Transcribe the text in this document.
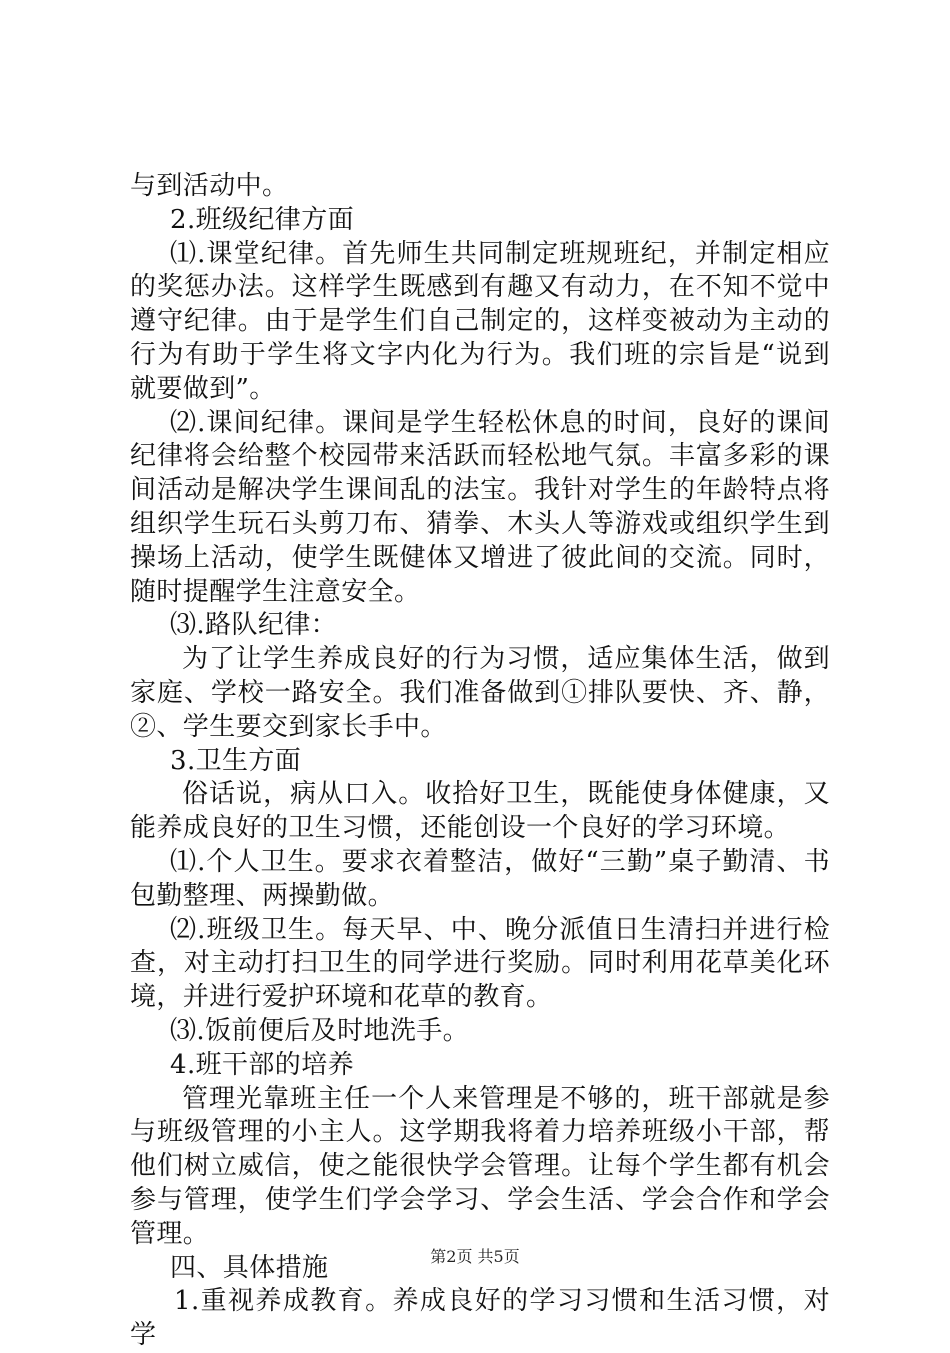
与到活动中。

2.班级纪律方面

⑴.课堂纪律。首先师生共同制定班规班纪，并制定相应的奖惩办法。这样学生既感到有趣又有动力，在不知不觉中遵守纪律。由于是学生们自己制定的，这样变被动为主动的行为有助于学生将文字内化为行为。我们班的宗旨是“说到就要做到”。

⑵.课间纪律。课间是学生轻松休息的时间，良好的课间纪律将会给整个校园带来活跃而轻松地气氛。丰富多彩的课间活动是解决学生课间乱的法宝。我针对学生的年龄特点将组织学生玩石头剪刀布、猜拳、木头人等游戏或组织学生到操场上活动，使学生既健体又增进了彼此间的交流。同时，随时提醒学生注意安全。

⑶.路队纪律：

为了让学生养成良好的行为习惯，适应集体生活，做到家庭、学校一路安全。我们准备做到①排队要快、齐、静，②、学生要交到家长手中。

3.卫生方面

俗话说，病从口入。收拾好卫生，既能使身体健康，又能养成良好的卫生习惯，还能创设一个良好的学习环境。

⑴.个人卫生。要求衣着整洁，做好“三勤”桌子勤清、书包勤整理、两操勤做。

⑵.班级卫生。每天早、中、晚分派值日生清扫并进行检查，对主动打扫卫生的同学进行奖励。同时利用花草美化环境，并进行爱护环境和花草的教育。

⑶.饭前便后及时地洗手。

4.班干部的培养

管理光靠班主任一个人来管理是不够的，班干部就是参与班级管理的小主人。这学期我将着力培养班级小干部，帮他们树立威信，使之能很快学会管理。让每个学生都有机会参与管理，使学生们学会学习、学会生活、学会合作和学会管理。

四、具体措施

1.重视养成教育。养成良好的学习习惯和生活习惯，对学

第2页 共5页
